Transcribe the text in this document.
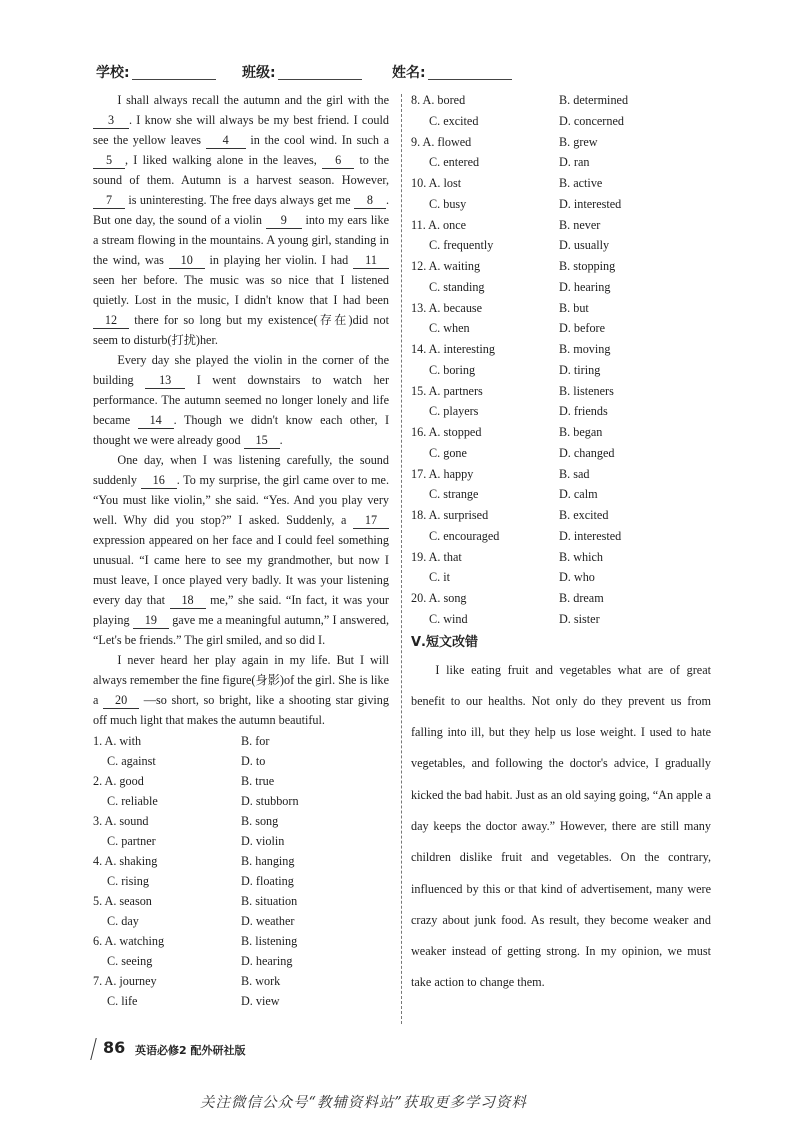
学校:	班级:	姓名:
I shall always recall the autumn and the girl with the 3 . I know she will always be my best friend. I could see the yellow leaves 4 in the cool wind. In such a 5 , I liked walking alone in the leaves, 6 to the sound of them. Autumn is a harvest season. However, 7 is uninteresting. The free days always get me 8 . But one day, the sound of a violin 9 into my ears like a stream flowing in the mountains. A young girl, standing in the wind, was 10 in playing her violin. I had 11 seen her before. The music was so nice that I listened quietly. Lost in the music, I didn't know that I had been 12 there for so long but my existence(存在)did not seem to disturb(打扰)her.
Every day she played the violin in the corner of the building 13 I went downstairs to watch her performance. The autumn seemed no longer lonely and life became 14 . Though we didn't know each other, I thought we were already good 15 .
One day, when I was listening carefully, the sound suddenly 16 . To my surprise, the girl came over to me. “You must like violin,” she said. “Yes. And you play very well. Why did you stop?” I asked. Suddenly, a 17 expression appeared on her face and I could feel something unusual. “I came here to see my grandmother, but now I must leave, I once played very badly. It was your listening every day that 18 me,” she said. “In fact, it was your playing 19 gave me a meaningful autumn,” I answered, “Let's be friends.” The girl smiled, and so did I.
I never heard her play again in my life. But I will always remember the fine figure(身影)of the girl. She is like a 20 —so short, so bright, like a shooting star giving off much light that makes the autumn beautiful.
1. A. with	B. for
C. against	D. to
2. A. good	B. true
C. reliable	D. stubborn
3. A. sound	B. song
C. partner	D. violin
4. A. shaking	B. hanging
C. rising	D. floating
5. A. season	B. situation
C. day	D. weather
6. A. watching	B. listening
C. seeing	D. hearing
7. A. journey	B. work
C. life	D. view
8. A. bored	B. determined
C. excited	D. concerned
9. A. flowed	B. grew
C. entered	D. ran
10. A. lost	B. active
C. busy	D. interested
11. A. once	B. never
C. frequently	D. usually
12. A. waiting	B. stopping
C. standing	D. hearing
13. A. because	B. but
C. when	D. before
14. A. interesting	B. moving
C. boring	D. tiring
15. A. partners	B. listeners
C. players	D. friends
16. A. stopped	B. began
C. gone	D. changed
17. A. happy	B. sad
C. strange	D. calm
18. A. surprised	B. excited
C. encouraged	D. interested
19. A. that	B. which
C. it	D. who
20. A. song	B. dream
C. wind	D. sister
Ⅴ.短文改错
I like eating fruit and vegetables what are of great benefit to our healths. Not only do they prevent us from falling into ill, but they help us lose weight. I used to hate vegetables, and following the doctor's advice, I gradually kicked the bad habit. Just as an old saying going, “An apple a day keeps the doctor away.” However, there are still many children dislike fruit and vegetables. On the contrary, influenced by this or that kind of advertisement, many were crazy about junk food. As result, they become weaker and weaker instead of getting strong. In my opinion, we must take action to change them.
86 英语必修2 配外研社版
关注微信公众号“教辅资料站”获取更多学习资料
